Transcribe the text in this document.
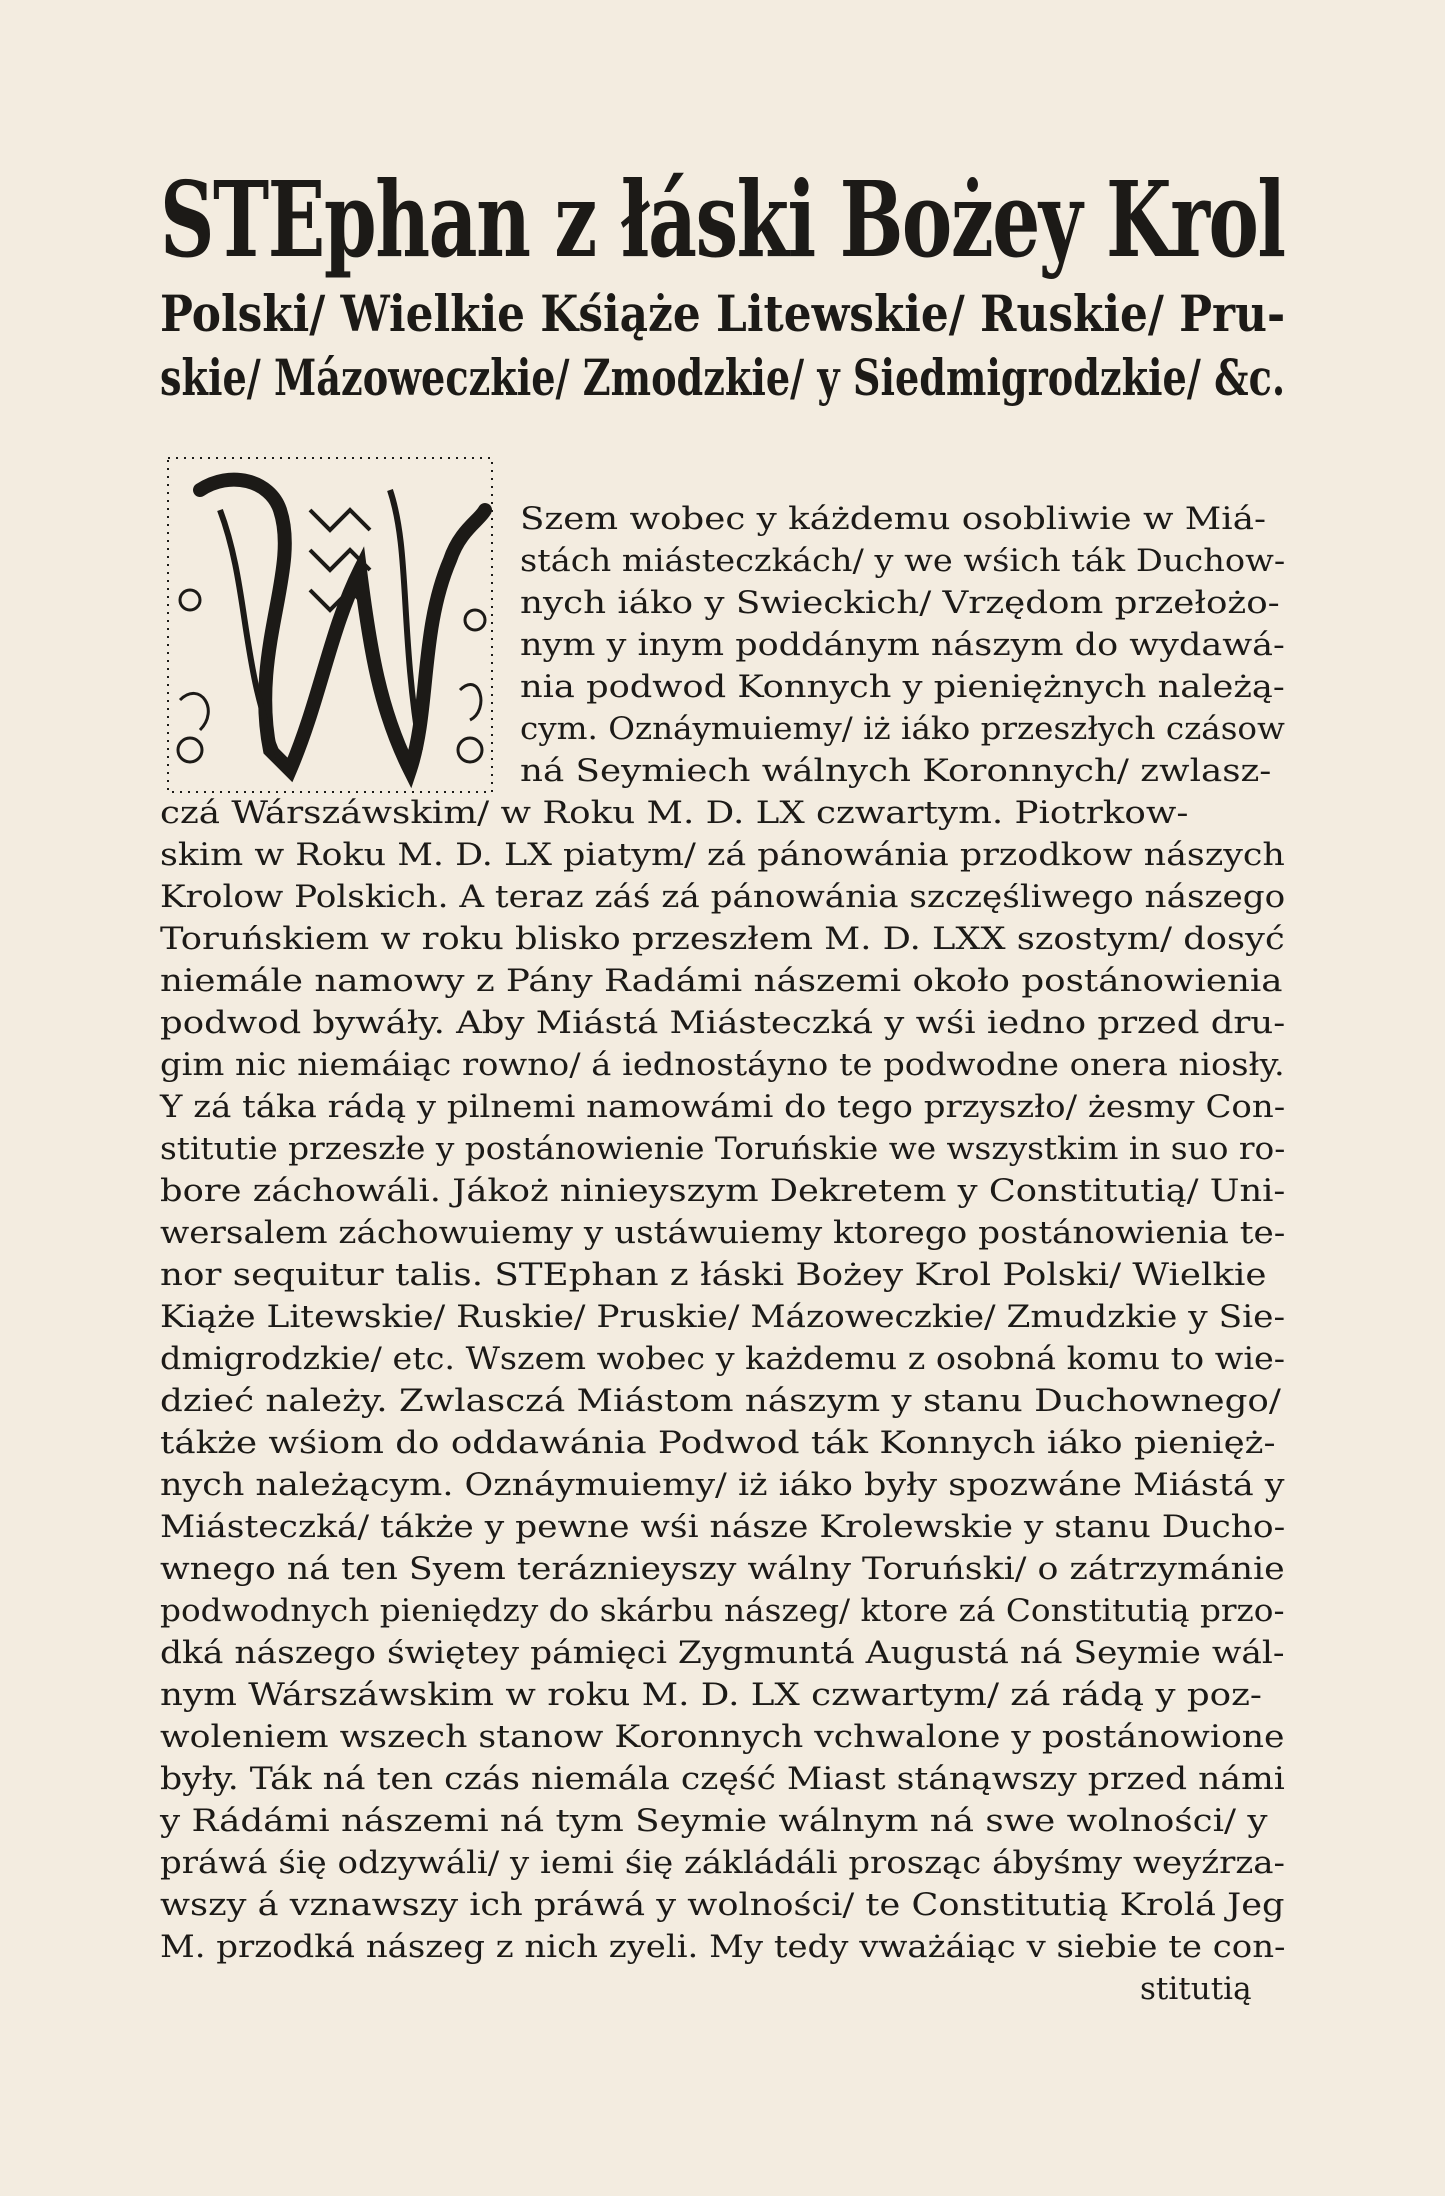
STEphan z łáski Bożey Krol
Polski/ Wielkie Kśiąże Litewskie/ Ruskie/ Pru-
skie/ Mázoweczkie/ Zmodzkie/ y Siedmigrodzkie/ &c.
Szem wobec y káżdemu osobliwie w Miá-
stách miásteczkách/ y we wśich ták Duchow-
nych iáko y Swieckich/ Vrzędom przełożo-
nym y inym poddánym nászym do wydawá-
nia podwod Konnych y pieniężnych należą-
cym. Oznáymuiemy/ iż iáko przeszłych czásow
ná Seymiech wálnych Koronnych/ zwlasz-
czá Wárszáwskim/ w Roku M. D. LX czwartym. Piotrkow-
skim w Roku M. D. LX piatym/ zá pánowánia przodkow nászych
Krolow Polskich. A teraz záś zá pánowánia szczęśliwego nászego
Toruńskiem w roku blisko przeszłem M. D. LXX szostym/ dosyć
niemále namowy z Pány Radámi nászemi około postánowienia
podwod bywáły. Aby Miástá Miásteczká y wśi iedno przed dru-
gim nic niemáiąc rowno/ á iednostáyno te podwodne onera niosły.
Y zá táka rádą y pilnemi namowámi do tego przyszło/ żesmy Con-
stitutie przeszłe y postánowienie Toruńskie we wszystkim in suo ro-
bore záchowáli. Jákoż ninieyszym Dekretem y Constitutią/ Uni-
wersalem záchowuiemy y ustáwuiemy ktorego postánowienia te-
nor sequitur talis. STEphan z łáski Bożey Krol Polski/ Wielkie
Kiąże Litewskie/ Ruskie/ Pruskie/ Mázoweczkie/ Zmudzkie y Sie-
dmigrodzkie/ etc. Wszem wobec y każdemu z osobná komu to wie-
dzieć należy. Zwlasczá Miástom nászym y stanu Duchownego/
tákże wśiom do oddawánia Podwod ták Konnych iáko pienięż-
nych należącym. Oznáymuiemy/ iż iáko były spozwáne Miástá y
Miásteczká/ tákże y pewne wśi násze Krolewskie y stanu Ducho-
wnego ná ten Syem teráznieyszy wálny Toruński/ o zátrzymánie
podwodnych pieniędzy do skárbu nászeg/ ktore zá Constitutią przo-
dká nászego świętey pámięci Zygmuntá Augustá ná Seymie wál-
nym Wárszáwskim w roku M. D. LX czwartym/ zá rádą y poz-
woleniem wszech stanow Koronnych vchwalone y postánowione
były. Ták ná ten czás niemála część Miast stánąwszy przed námi
y Rádámi nászemi ná tym Seymie wálnym ná swe wolności/ y
práwá śię odzywáli/ y iemi śię zákládáli prosząc ábyśmy weyźrza-
wszy á vznawszy ich práwá y wolności/ te Constitutią Krolá Jeg
M. przodká nászeg z nich zyeli. My tedy vważáiąc v siebie te con-
stitutią
